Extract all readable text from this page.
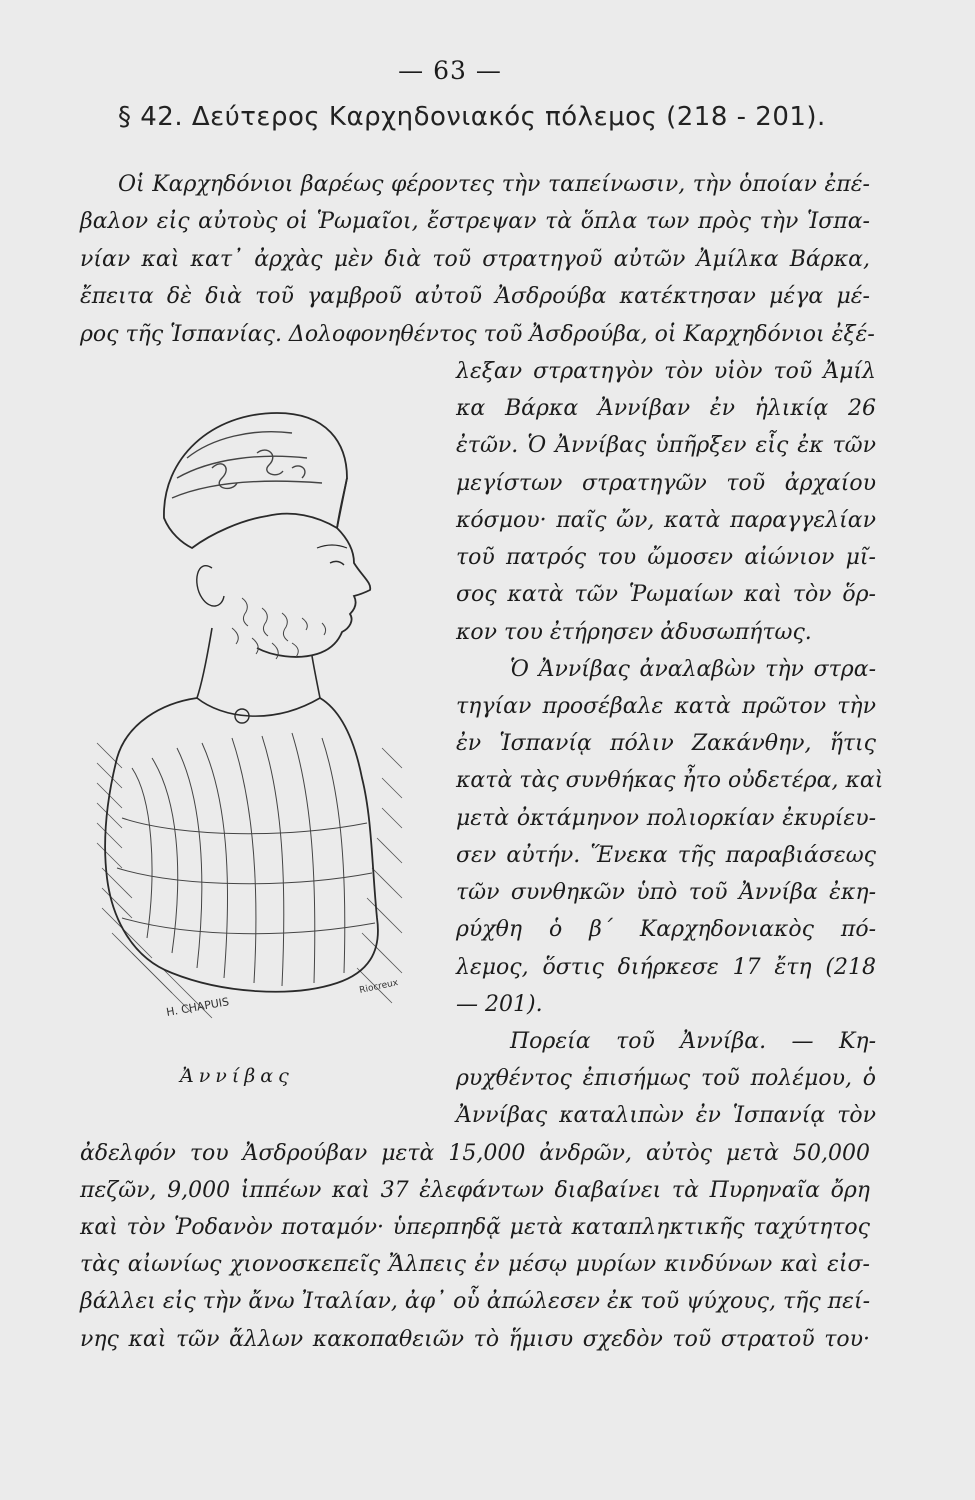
— 63 —
§ 42. Δεύτερος Καρχηδονιακός πόλεμος (218 - 201).
Οἱ Καρχηδόνιοι βαρέως φέροντες τὴν ταπείνωσιν, τὴν ὁποίαν ἐπέ-
βαλον εἰς αὐτοὺς οἱ Ῥωμαῖοι, ἔστρεψαν τὰ ὅπλα των πρὸς τὴν Ἱσπα-
νίαν καὶ κατ᾽ ἀρχὰς μὲν διὰ τοῦ στρατηγοῦ αὐτῶν Ἀμίλκα Βάρκα,
ἔπειτα δὲ διὰ τοῦ γαμβροῦ αὐτοῦ Ἀσδρούβα κατέκτησαν μέγα μέ-
ρος τῆς Ἱσπανίας. Δολοφονηθέντος τοῦ Ἀσδρούβα, οἱ Καρχηδόνιοι ἐξέ-
λεξαν στρατηγὸν τὸν υἱὸν τοῦ Ἀμίλ
κα Βάρκα Ἀννίβαν ἐν ἡλικίᾳ 26
ἐτῶν. Ὁ Ἀννίβας ὑπῆρξεν εἷς ἐκ τῶν
μεγίστων στρατηγῶν τοῦ ἀρχαίου
κόσμου· παῖς ὤν, κατὰ παραγγελίαν
τοῦ πατρός του ὤμοσεν αἰώνιον μῖ-
σος κατὰ τῶν Ῥωμαίων καὶ τὸν ὅρ-
κον του ἐτήρησεν ἀδυσωπήτως.
Ὁ Ἀννίβας ἀναλαβὼν τὴν στρα-
τηγίαν προσέβαλε κατὰ πρῶτον τὴν
ἐν Ἱσπανίᾳ πόλιν Ζακάνθην, ἥτις
κατὰ τὰς συνθήκας ἦτο οὐδετέρα, καὶ
μετὰ ὀκτάμηνον πολιορκίαν ἐκυρίευ-
σεν αὐτήν. Ἕνεκα τῆς παραβιάσεως
τῶν συνθηκῶν ὑπὸ τοῦ Ἀννίβα ἐκη-
ρύχθη ὁ β´ Καρχηδονιακὸς πό-
λεμος, ὅστις διήρκεσε 17 ἔτη (218
— 201).
Πορεία τοῦ Ἀννίβα. — Κη-
ρυχθέντος ἐπισήμως τοῦ πολέμου, ὁ
Ἀννίβας καταλιπὼν ἐν Ἱσπανίᾳ τὸν
ἀδελφόν του Ἀσδρούβαν μετὰ 15,000 ἀνδρῶν, αὐτὸς μετὰ 50,000
πεζῶν, 9,000 ἱππέων καὶ 37 ἐλεφάντων διαβαίνει τὰ Πυρηναῖα ὄρη
καὶ τὸν Ῥοδανὸν ποταμόν· ὑπερπηδᾷ μετὰ καταπληκτικῆς ταχύτητος
τὰς αἰωνίως χιονοσκεπεῖς Ἄλπεις ἐν μέσῳ μυρίων κινδύνων καὶ εἰσ-
βάλλει εἰς τὴν ἄνω Ἰταλίαν, ἀφ᾽ οὗ ἀπώλεσεν ἐκ τοῦ ψύχους, τῆς πεί-
νης καὶ τῶν ἄλλων κακοπαθειῶν τὸ ἥμισυ σχεδὸν τοῦ στρατοῦ του·
H. CHAPUIS
Riocreux
Ἀννίβας
